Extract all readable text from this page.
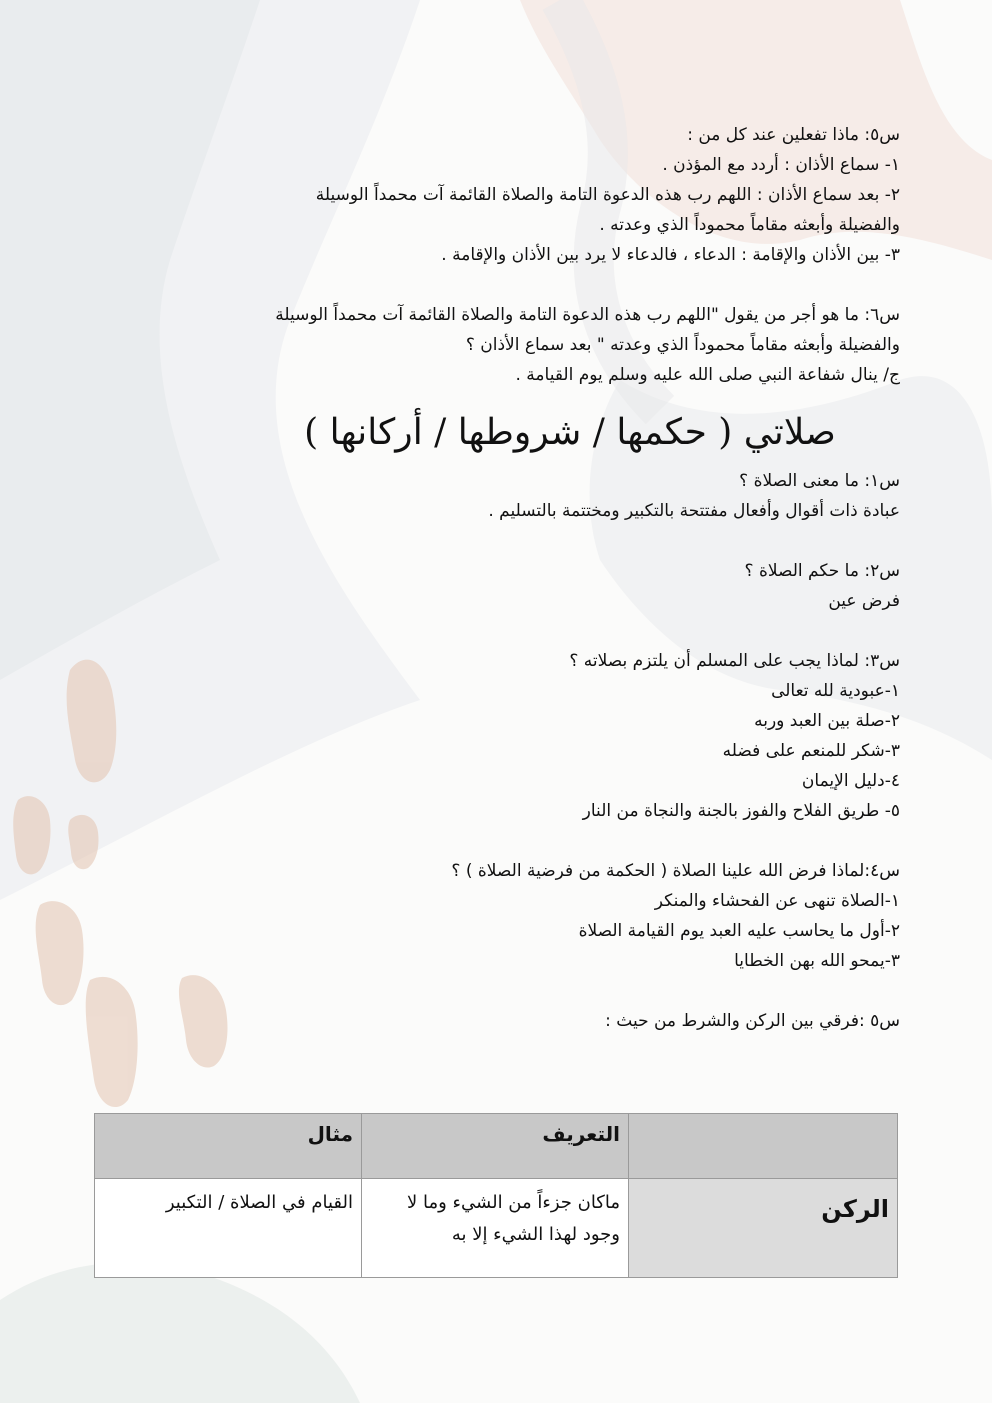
س٥: ماذا تفعلين عند كل من :
١- سماع الأذان : أردد مع المؤذن .
٢- بعد سماع الأذان : اللهم رب هذه الدعوة التامة والصلاة القائمة آت محمداً الوسيلة
والفضيلة وأبعثه مقاماً محموداً الذي وعدته .
٣- بين الأذان والإقامة : الدعاء ، فالدعاء لا يرد بين الأذان والإقامة .
س٦: ما هو أجر من يقول "اللهم رب هذه الدعوة التامة والصلاة القائمة آت محمداً الوسيلة
والفضيلة وأبعثه مقاماً محموداً الذي وعدته " بعد سماع الأذان ؟
ج/ ينال شفاعة النبي صلى الله عليه وسلم يوم القيامة .
صلاتي ( حكمها / شروطها / أركانها )
س١: ما معنى الصلاة ؟
عبادة ذات أقوال وأفعال مفتتحة بالتكبير ومختتمة بالتسليم .
س٢: ما حكم الصلاة ؟
فرض عين
س٣: لماذا يجب على المسلم أن يلتزم بصلاته ؟
١-عبودية لله تعالى
٢-صلة بين العبد وربه
٣-شكر للمنعم على فضله
٤-دليل الإيمان
٥- طريق الفلاح والفوز بالجنة والنجاة من النار
س٤:لماذا فرض الله علينا الصلاة ( الحكمة من فرضية الصلاة ) ؟
١-الصلاة تنهى عن الفحشاء والمنكر
٢-أول ما يحاسب عليه العبد يوم القيامة الصلاة
٣-يمحو الله بهن الخطايا
س٥ :فرقي بين الركن والشرط من حيث :
	التعريف	مثال
الركن	ماكان جزءاً من الشيء وما لا وجود لهذا الشيء إلا به	القيام في الصلاة / التكبير
